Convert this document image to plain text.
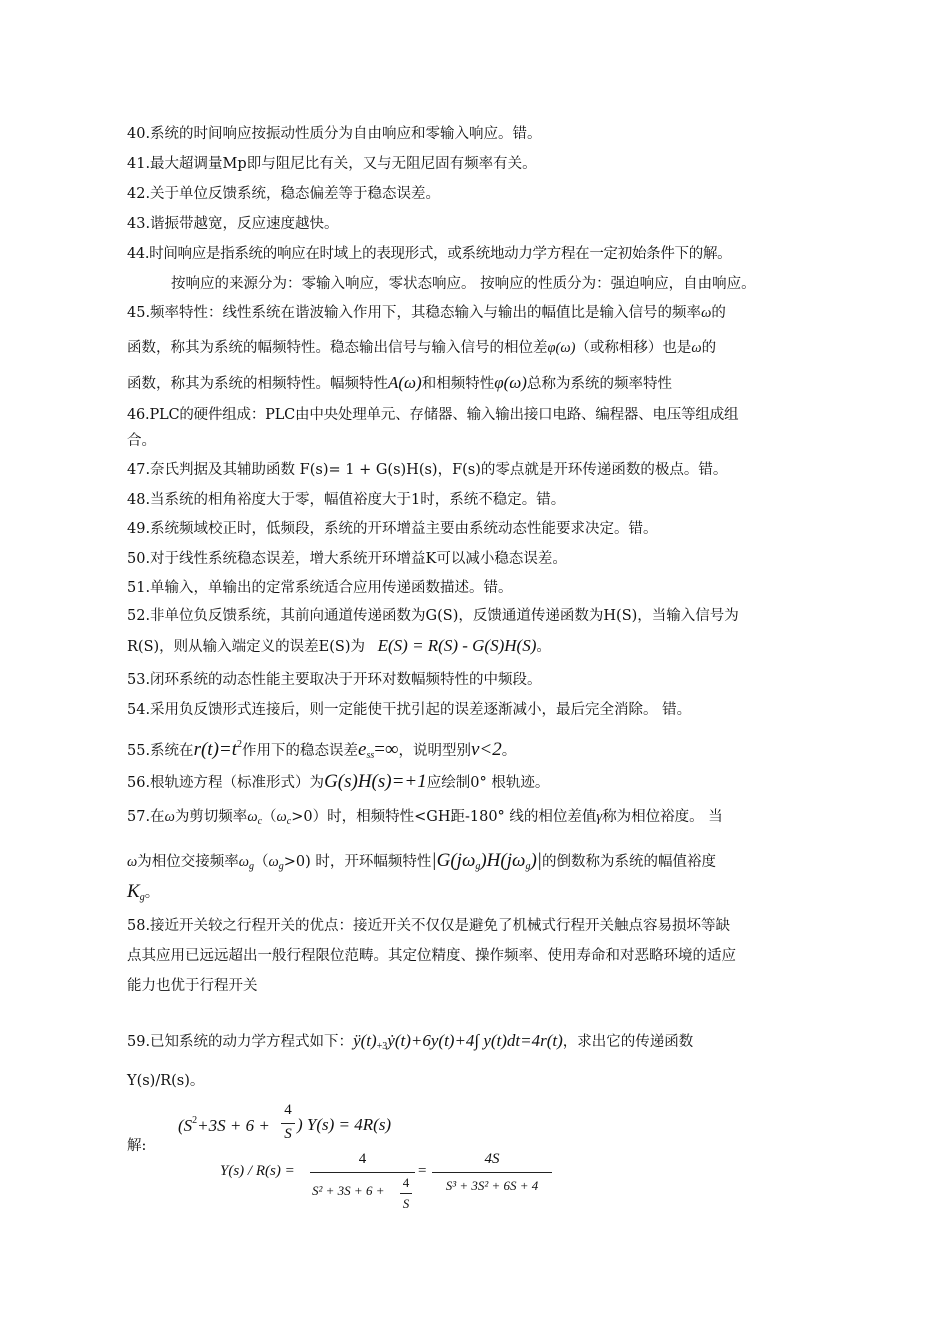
40.系统的时间响应按振动性质分为自由响应和零输入响应。错。
41.最大超调量Mp即与阻尼比有关，又与无阻尼固有频率有关。
42.关于单位反馈系统，稳态偏差等于稳态误差。
43.谐振带越宽，反应速度越快。
44.时间响应是指系统的响应在时域上的表现形式，或系统地动力学方程在一定初始条件下的解。
按响应的来源分为：零输入响应，零状态响应。 按响应的性质分为：强迫响应，自由响应。
45.频率特性：线性系统在谐波输入作用下，其稳态输入与输出的幅值比是输入信号的频率ω的
函数，称其为系统的幅频特性。稳态输出信号与输入信号的相位差φ(ω)（或称相移）也是ω的
函数，称其为系统的相频特性。幅频特性A(ω)和相频特性φ(ω)总称为系统的频率特性
46.PLC的硬件组成：PLC由中央处理单元、存储器、输入输出接口电路、编程器、电压等组成组
合。
47.奈氏判据及其辅助函数 F(s)= 1 + G(s)H(s)，F(s)的零点就是开环传递函数的极点。错。
48.当系统的相角裕度大于零，幅值裕度大于1时，系统不稳定。错。
49.系统频域校正时，低频段，系统的开环增益主要由系统动态性能要求决定。错。
50.对于线性系统稳态误差，增大系统开环增益K可以减小稳态误差。
51.单输入，单输出的定常系统适合应用传递函数描述。错。
52.非单位负反馈系统，其前向通道传递函数为G(S)，反馈通道传递函数为H(S)，当输入信号为
R(S)，则从输入端定义的误差E(S)为 E(S) = R(S) - G(S)H(S)。
53.闭环系统的动态性能主要取决于开环对数幅频特性的中频段。
54.采用负反馈形式连接后，则一定能使干扰引起的误差逐渐减小，最后完全消除。 错。
55.系统在$r(t)=t^2$作用下的稳态误差$e_{ss}=\infty$，说明型别v<2。
56.根轨迹方程（标准形式）为G(s)H(s)=+1应绘制0° 根轨迹。
57.在ω为剪切频率$\omega_c(\omega_c>0)$时，相频特性<GH距-180° 线的相位差值γ称为相位裕度。 当
ω为相位交接频率$\omega_g(\omega_g>0)$ 时，开环幅频特性$|G(j\omega_g)H(j\omega_g)|$的倒数称为系统的幅值裕度
$K_g$。
58.接近开关较之行程开关的优点：接近开关不仅仅是避免了机械式行程开关触点容易损坏等缺
点其应用已远远超出一般行程限位范畴。其定位精度、操作频率、使用寿命和对恶略环境的适应
能力也优于行程开关
59.已知系统的动力学方程式如下：$ÿ(t)_{+3}ẏ(t)+6y(t)+4\int$ y(t)dt=4r(t)，求出它的传递函数
Y(s)/R(s)。
解:
($S^2+3S + 6$ +
4
S ) Y(s) = 4R(s)
Y(s) / R(s) =
4
S² + 3S + 6 +
4
S
=
4S
S³ + 3S² + 6S + 4
